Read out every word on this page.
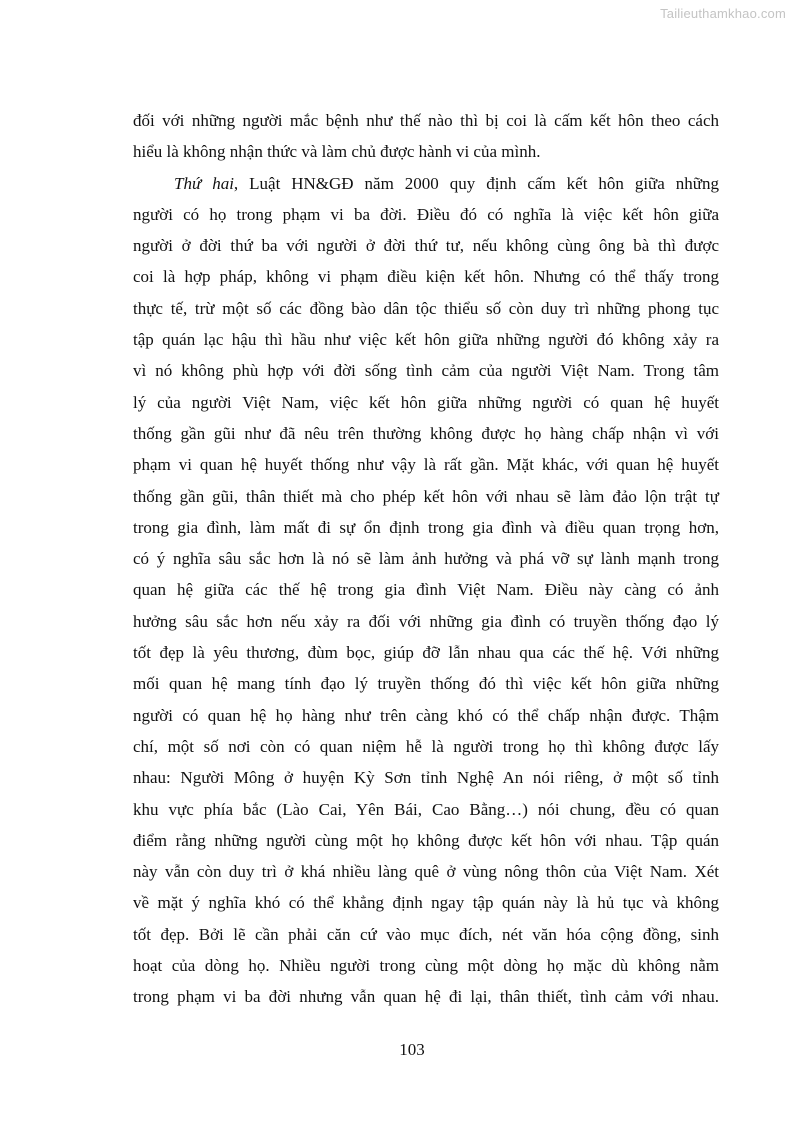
Tailieuthamkhao.com
đối với những người mắc bệnh như thế nào thì bị coi là cấm kết hôn theo cách
hiểu là không nhận thức và làm chủ được hành vi của mình.
Thứ hai, Luật HN&GĐ năm 2000 quy định cấm kết hôn giữa những
người có họ trong phạm vi ba đời. Điều đó có nghĩa là việc kết hôn giữa
người ở đời thứ ba với người ở đời thứ tư, nếu không cùng ông bà thì được
coi là hợp pháp, không vi phạm điều kiện kết hôn. Nhưng có thể thấy trong
thực tế, trừ một số các đồng bào dân tộc thiểu số còn duy trì những phong tục
tập quán lạc hậu thì hầu như việc kết hôn giữa những người đó không xảy ra
vì nó không phù hợp với đời sống tình cảm của người Việt Nam. Trong tâm
lý của người Việt Nam, việc kết hôn giữa những người có quan hệ huyết
thống gần gũi như đã nêu trên thường không được họ hàng chấp nhận vì với
phạm vi quan hệ huyết thống như vậy là rất gần. Mặt khác, với quan hệ huyết
thống gần gũi, thân thiết mà cho phép kết hôn với nhau sẽ làm đảo lộn trật tự
trong gia đình, làm mất đi sự ổn định trong gia đình và điều quan trọng hơn,
có ý nghĩa sâu sắc hơn là nó sẽ làm ảnh hưởng và phá vỡ sự lành mạnh trong
quan hệ giữa các thế hệ trong gia đình Việt Nam. Điều này càng có ảnh
hưởng sâu sắc hơn nếu xảy ra đối với những gia đình có truyền thống đạo lý
tốt đẹp là yêu thương, đùm bọc, giúp đỡ lẫn nhau qua các thế hệ. Với những
mối quan hệ mang tính đạo lý truyền thống đó thì việc kết hôn giữa những
người có quan hệ họ hàng như trên càng khó có thể chấp nhận được. Thậm
chí, một số nơi còn có quan niệm hễ là người trong họ thì không được lấy
nhau: Người Mông ở huyện Kỳ Sơn tỉnh Nghệ An nói riêng, ở một số tỉnh
khu vực phía bắc (Lào Cai, Yên Bái, Cao Bằng…) nói chung, đều có quan
điểm rằng những người cùng một họ không được kết hôn với nhau. Tập quán
này vẫn còn duy trì ở khá nhiều làng quê ở vùng nông thôn của Việt Nam. Xét
về mặt ý nghĩa khó có thể khẳng định ngay tập quán này là hủ tục và không
tốt đẹp. Bởi lẽ cần phải căn cứ vào mục đích, nét văn hóa cộng đồng, sinh
hoạt của dòng họ. Nhiều người trong cùng một dòng họ mặc dù không nằm
trong phạm vi ba đời nhưng vẫn quan hệ đi lại, thân thiết, tình cảm với nhau.
103
